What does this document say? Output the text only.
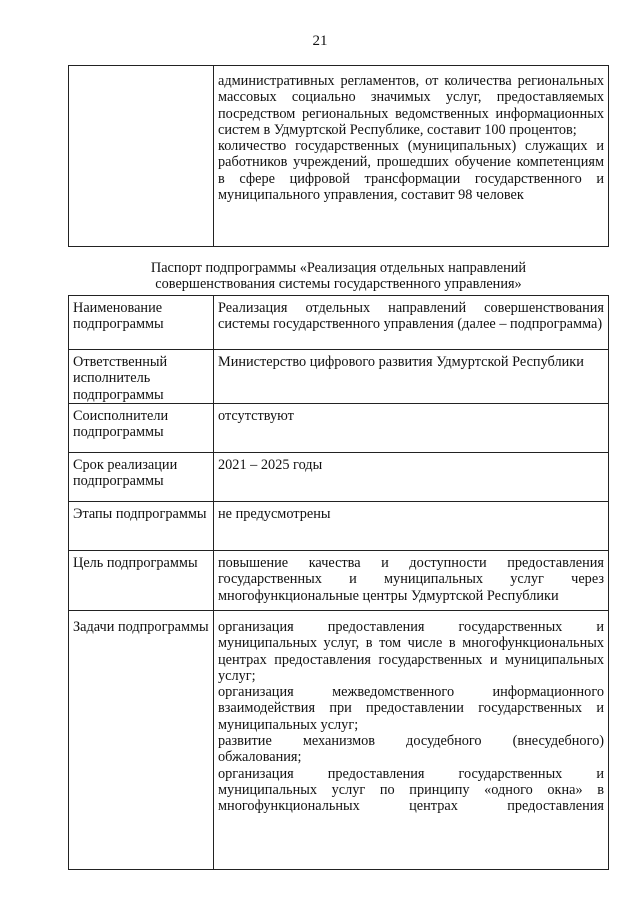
21

административных регламентов, от количества региональных массовых социально значимых услуг, предоставляемых посредством региональных ведомственных информационных систем в Удмуртской Республике, составит 100 процентов;
количество государственных (муниципальных) служащих и работников учреждений, прошедших обучение компетенциям в сфере цифровой трансформации государственного и муниципального управления, составит 98 человек
Паспорт подпрограммы «Реализация отдельных направлений
совершенствования системы государственного управления»
Наименование подпрограммы	Реализация отдельных направлений совершенствования системы государственного управления (далее – подпрограмма)

Ответственный исполнитель подпрограммы	Министерство цифрового развития Удмуртской Республики

Соисполнители подпрограммы	отсутствуют

Срок реализации подпрограммы	2021 – 2025 годы

Этапы подпрограммы	не предусмотрены

Цель подпрограммы	повышение качества и доступности предоставления государственных и муниципальных услуг через многофункциональные центры Удмуртской Республики

Задачи подпрограммы	организация предоставления государственных и муниципальных услуг, в том числе в многофункциональных центрах предоставления государственных и муниципальных услуг;
организация межведомственного информационного взаимодействия при предоставлении государственных и муниципальных услуг;
развитие механизмов досудебного (внесудебного) обжалования;
организация предоставления государственных и муниципальных услуг по принципу «одного окна» в многофункциональных центрах предоставления
